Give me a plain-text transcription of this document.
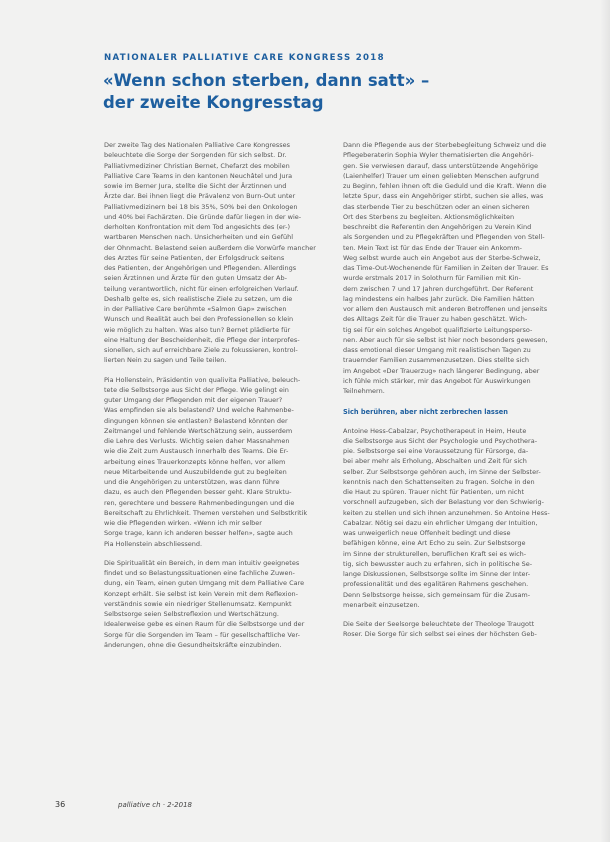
NATIONALER PALLIATIVE CARE KONGRESS 2018
«Wenn schon sterben, dann satt» –
der zweite Kongresstag

Der zweite Tag des Nationalen Palliative Care Kongresses
beleuchtete die Sorge der Sorgenden für sich selbst. Dr.
Palliativmediziner Christian Bernet, Chefarzt des mobilen
Palliative Care Teams in den kantonen Neuchâtel und Jura
sowie im Berner Jura, stellte die Sicht der Ärztinnen und
Ärzte dar. Bei ihnen liegt die Prävalenz von Burn-Out unter
Palliativmedizinern bei 18 bis 35%, 50% bei den Onkologen
und 40% bei Fachärzten. Die Gründe dafür liegen in der wie-
derholten Konfrontation mit dem Tod angesichts des (er-)
wartbaren Menschen nach. Unsicherheiten und ein Gefühl
der Ohnmacht. Belastend seien außerdem die Vorwürfe mancher
des Arztes für seine Patienten, der Erfolgsdruck seitens
des Patienten, der Angehörigen und Pflegenden. Allerdings
seien Ärztinnen und Ärzte für den guten Umsatz der Ab-
teilung verantwortlich, nicht für einen erfolgreichen Verlauf.
Deshalb gelte es, sich realistische Ziele zu setzen, um die
in der Palliative Care berühmte «Salmon Gap» zwischen
Wunsch und Realität auch bei den Professionellen so klein
wie möglich zu halten. Was also tun? Bernet plädierte für
eine Haltung der Bescheidenheit, die Pflege der interprofes-
sionellen, sich auf erreichbare Ziele zu fokussieren, kontrol-
lierten Nein zu sagen und Teile teilen.

Pia Hollenstein, Präsidentin von qualivita Palliative, beleuch-
tete die Selbstsorge aus Sicht der Pflege. Wie gelingt ein
guter Umgang der Pflegenden mit der eigenen Trauer?
Was empfinden sie als belastend? Und welche Rahmenbe-
dingungen können sie entlasten? Belastend könnten der
Zeitmangel und fehlende Wertschätzung sein, ausserdem
die Lehre des Verlusts. Wichtig seien daher Massnahmen
wie die Zeit zum Austausch innerhalb des Teams. Die Er-
arbeitung eines Trauerkonzepts könne helfen, vor allem
neue Mitarbeitende und Auszubildende gut zu begleiten
und die Angehörigen zu unterstützen, was dann führe
dazu, es auch den Pflegenden besser geht. Klare Struktu-
ren, gerechtere und bessere Rahmenbedingungen und die
Bereitschaft zu Ehrlichkeit. Themen verstehen und Selbstkritik
wie die Pflegenden wirken. «Wenn ich mir selber
Sorge trage, kann ich anderen besser helfen», sagte auch
Pia Hollenstein abschliessend.

Die Spiritualität ein Bereich, in dem man intuitiv geeignetes
findet und so Belastungssituationen eine fachliche Zuwen-
dung, ein Team, einen guten Umgang mit dem Palliative Care
Konzept erhält. Sie selbst ist kein Verein mit dem Reflexion-
verständnis sowie ein niedriger Stellenumsatz. Kernpunkt
Selbstsorge seien Selbstreflexion und Wertschätzung.
Idealerweise gebe es einen Raum für die Selbstsorge und der
Sorge für die Sorgenden im Team – für gesellschaftliche Ver-
änderungen, ohne die Gesundheitskräfte einzubinden.

Dann die Pflegende aus der Sterbebegleitung Schweiz und die
Pflegeberaterin Sophia Wyler thematisierten die Angehöri-
gen. Sie verwiesen darauf, dass unterstützende Angehörige
(Laienhelfer) Trauer um einen geliebten Menschen aufgrund
zu Beginn, fehlen ihnen oft die Geduld und die Kraft. Wenn die
letzte Spur, dass ein Angehöriger stirbt, suchen sie alles, was
das sterbende Tier zu beschützen oder an einen sicheren
Ort des Sterbens zu begleiten. Aktionsmöglichkeiten
beschreibt die Referentin den Angehörigen zu Verein Kind
als Sorgenden und zu Pflegekräften und Pflegenden von Stell-
ten. Mein Text ist für das Ende der Trauer ein Ankomm-
Weg selbst wurde auch ein Angebot aus der Sterbe-Schweiz,
das Time-Out-Wochenende für Familien in Zeiten der Trauer. Es
wurde erstmals 2017 in Solothurn für Familien mit Kin-
dern zwischen 7 und 17 Jahren durchgeführt. Der Referent
lag mindestens ein halbes Jahr zurück. Die Familien hätten
vor allem den Austausch mit anderen Betroffenen und jenseits
des Alltags Zeit für die Trauer zu haben geschätzt. Wich-
tig sei für ein solches Angebot qualifizierte Leitungsperso-
nen. Aber auch für sie selbst ist hier noch besonders gewesen,
dass emotional dieser Umgang mit realistischen Tagen zu
trauernder Familien zusammenzusetzen. Dies stellte sich
im Angebot «Der Trauerzug» nach längerer Bedingung, aber
ich fühle mich stärker, mir das Angebot für Auswirkungen
Teilnehmern.

Sich berühren, aber nicht zerbrechen lassen

Antoine Hess-Cabalzar, Psychotherapeut in Heim, Heute
die Selbstsorge aus Sicht der Psychologie und Psychothera-
pie. Selbstsorge sei eine Voraussetzung für Fürsorge, da-
bei aber mehr als Erholung, Abschalten und Zeit für sich
selber. Zur Selbstsorge gehören auch, im Sinne der Selbster-
kenntnis nach den Schattenseiten zu fragen. Solche in den
die Haut zu spüren. Trauer nicht für Patienten, um nicht
vorschnell aufzugeben, sich der Belastung vor den Schwierig-
keiten zu stellen und sich ihnen anzunehmen. So Antoine Hess-
Cabalzar. Nötig sei dazu ein ehrlicher Umgang der Intuition,
was unweigerlich neue Offenheit bedingt und diese
befähigen könne, eine Art Echo zu sein. Zur Selbstsorge
im Sinne der strukturellen, beruflichen Kraft sei es wich-
tig, sich bewusster auch zu erfahren, sich in politische Se-
lange Diskussionen, Selbstsorge sollte im Sinne der Inter-
professionalität und des egalitären Rahmens geschehen.
Denn Selbstsorge heisse, sich gemeinsam für die Zusam-
menarbeit einzusetzen.

Die Seite der Seelsorge beleuchtete der Theologe Traugott
Roser. Die Sorge für sich selbst sei eines der höchsten Geb-

36	palliative ch · 2-2018
